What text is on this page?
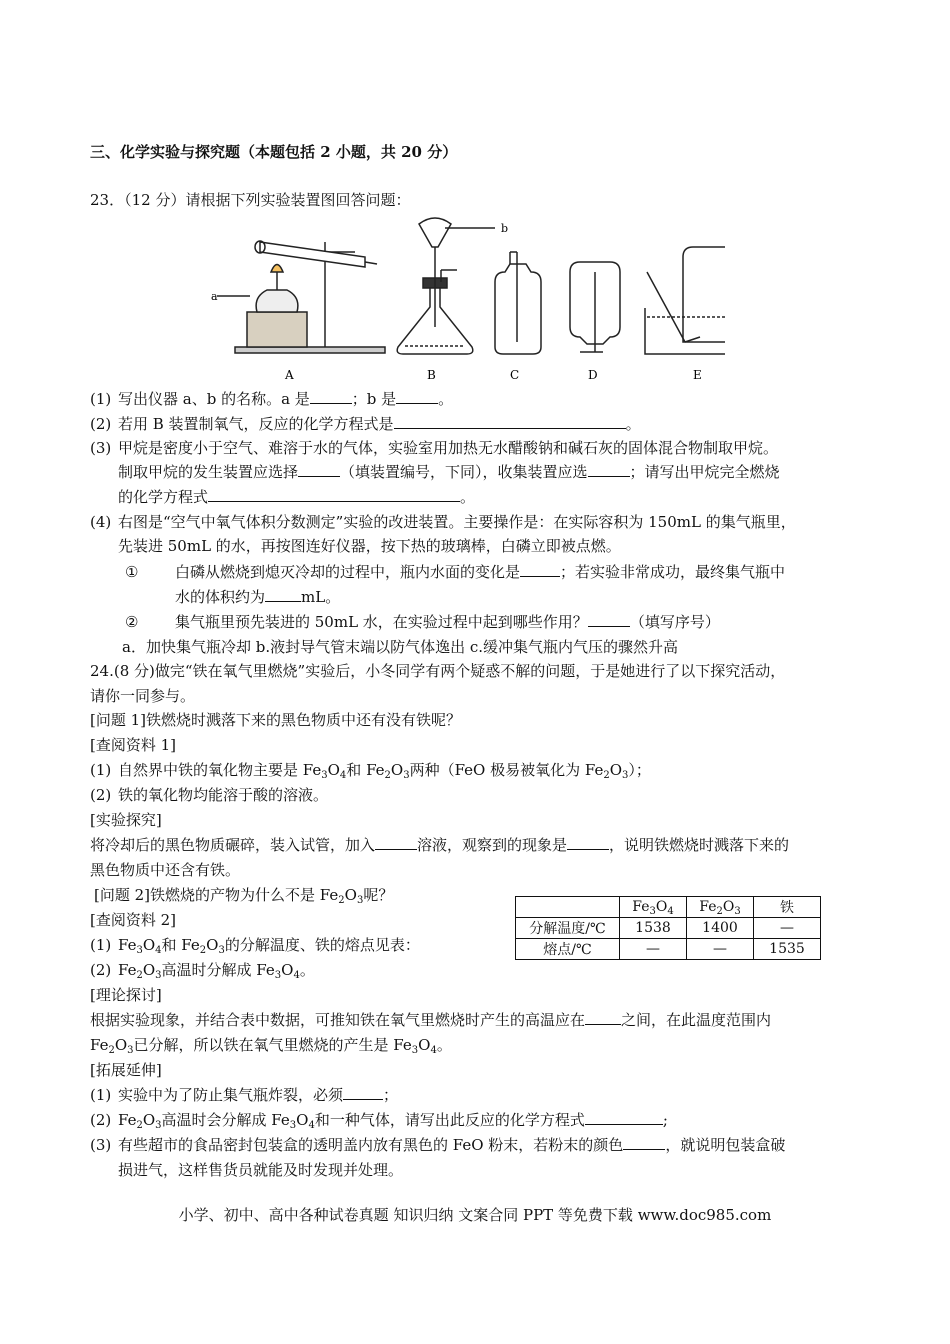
三、化学实验与探究题（本题包括 2 小题，共 20 分）
23．（12 分）请根据下列实验装置图回答问题：
a
b
A	B	C	D	E
(1) 写出仪器 a、b 的名称。a 是	；b 是	。
(2) 若用 B 装置制氧气，反应的化学方程式是	。
(3) 甲烷是密度小于空气、难溶于水的气体，实验室用加热无水醋酸钠和碱石灰的固体混合物制取甲烷。
制取甲烷的发生装置应选择	（填装置编号，下同），收集装置应选	；请写出甲烷完全燃烧
的化学方程式	。
(4) 右图是“空气中氧气体积分数测定”实验的改进装置。主要操作是：在实际容积为 150mL 的集气瓶里，
先装进 50mL 的水，再按图连好仪器，按下热的玻璃棒，白磷立即被点燃。
① 白磷从燃烧到熄灭冷却的过程中，瓶内水面的变化是	；若实验非常成功，最终集气瓶中
水的体积约为 mL。
② 集气瓶里预先装进的 50mL 水，在实验过程中起到哪些作用？	（填写序号）
a．加快集气瓶冷却 b.液封导气管末端以防气体逸出 c.缓冲集气瓶内气压的骤然升高
24.(8 分)做完“铁在氧气里燃烧”实验后，小冬同学有两个疑惑不解的问题，于是她进行了以下探究活动，
请你一同参与。
[问题 1]铁燃烧时溅落下来的黑色物质中还有没有铁呢？
[查阅资料 1]
(1) 自然界中铁的氧化物主要是 $Fe_3O_4$和 $Fe_2O_3$两种（FeO 极易被氧化为 $Fe_2O_3$）；
(2) 铁的氧化物均能溶于酸的溶液。
[实验探究]
将冷却后的黑色物质碾碎，装入试管，加入	溶液，观察到的现象是	，说明铁燃烧时溅落下来的
黑色物质中还含有铁。
[问题 2]铁燃烧的产物为什么不是 $Fe_2O_3$呢？
[查阅资料 2]
(1) $Fe_3O_4$和 $Fe_2O_3$的分解温度、铁的熔点见表：
(2) $Fe_2O_3$高温时分解成 $Fe_3O_4$。
	$Fe_3O_4$	$Fe_2O_3$	铁
分解温度/℃	1538	1400	—
熔点/℃	—	—	1535
[理论探讨]
根据实验现象，并结合表中数据，可推知铁在氧气里燃烧时产生的高温应在 之间，在此温度范围内
$Fe_2O_3$已分解，所以铁在氧气里燃烧的产生是 $Fe_3O_4$。
[拓展延伸]
(1) 实验中为了防止集气瓶炸裂，必须	；
(2) $Fe_2O_3$高温时会分解成 $Fe_3O_4$和一种气体，请写出此反应的化学方程式	;
(3) 有些超市的食品密封包装盒的透明盖内放有黑色的 FeO 粉末，若粉末的颜色	，就说明包装盒破
损进气，这样售货员就能及时发现并处理。
小学、初中、高中各种试卷真题 知识归纳 文案合同 PPT 等免费下载 www.doc985.com
